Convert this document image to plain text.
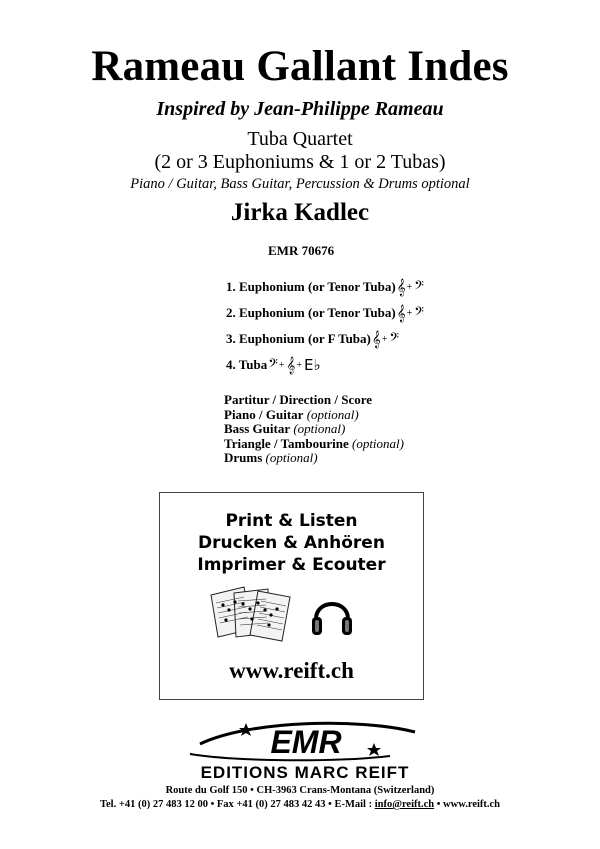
Rameau Gallant Indes
Inspired by Jean-Philippe Rameau
Tuba Quartet
(2 or 3 Euphoniums & 1 or 2 Tubas)
Piano / Guitar, Bass Guitar, Percussion & Drums optional
Jirka Kadlec
EMR 70676
1. Euphonium (or Tenor Tuba) 𝄞 + 𝄢
2. Euphonium (or Tenor Tuba) 𝄞 + 𝄢
3. Euphonium (or F Tuba) 𝄞 + 𝄢
4. Tuba 𝄢 + 𝄞 + E♭
Partitur / Direction / Score
Piano / Guitar (optional)
Bass Guitar (optional)
Triangle / Tambourine (optional)
Drums (optional)
Print & Listen
Drucken & Anhören
Imprimer & Ecouter
www.reift.ch
EMR
EDITIONS MARC REIFT
Route du Golf 150 • CH-3963 Crans-Montana (Switzerland)
Tel. +41 (0) 27 483 12 00 • Fax +41 (0) 27 483 42 43 • E-Mail : info@reift.ch • www.reift.ch
